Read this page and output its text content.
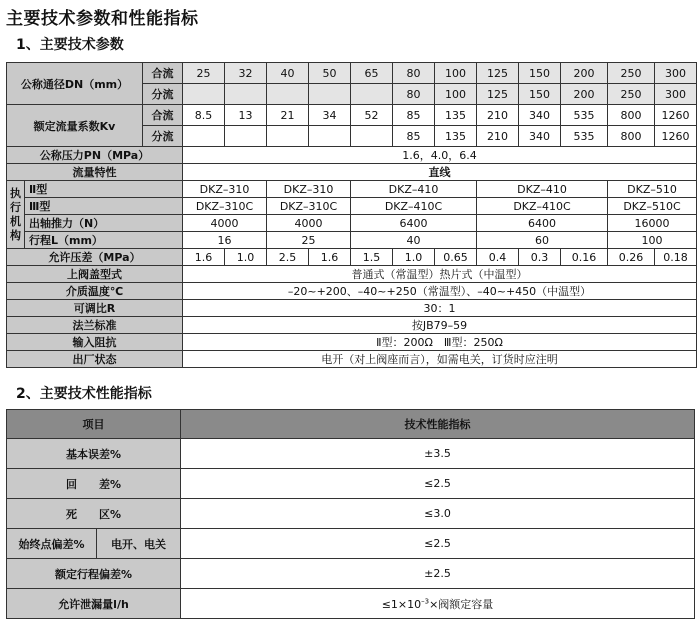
主要技术参数和性能指标
1、主要技术参数
公称通径DN（mm）		合流	25	32	40	50	65	80	100	125	150	200	250	300
		分流						80	100	125	150	200	250	300
额定流量系数Kv		合流	8.5	13	21	34	52	85	135	210	340	535	800	1260
		分流						85	135	210	340	535	800	1260
公称压力PN（MPa）			1.6，4.0，6.4											
流量特性			直线											
执行机构	Ⅱ型		DKZ–310		DKZ–310		DKZ–410			DKZ–410			DKZ–510	
	Ⅲ型		DKZ–310C		DKZ–310C		DKZ–410C			DKZ–410C			DKZ–510C	
	出轴推力（N）		4000		4000		6400			6400			16000	
	行程L（mm）		16		25		40			60			100	
允许压差（MPa）			1.6	1.0	2.5	1.6	1.5	1.0	0.65	0.4	0.3	0.16	0.26	0.18
上阀盖型式			普通式（常温型）热片式（中温型）											
介质温度℃			–20~+200、–40~+250（常温型）、–40~+450（中温型）											
可调比R			30：1											
法兰标准			按JB79–59											
输入阻抗			Ⅱ型：200Ω　Ⅲ型：250Ω											
出厂状态			电开（对上阀座而言），如需电关，订货时应注明											
2、主要技术性能指标
项目		技术性能指标
基本误差%		±3.5
回　　差%		≤2.5
死　　区%		≤3.0
始终点偏差%	电开、电关	≤2.5
额定行程偏差%		±2.5
允许泄漏量l/h		$\le 1\times 10^{-3}\times$阀额定容量
